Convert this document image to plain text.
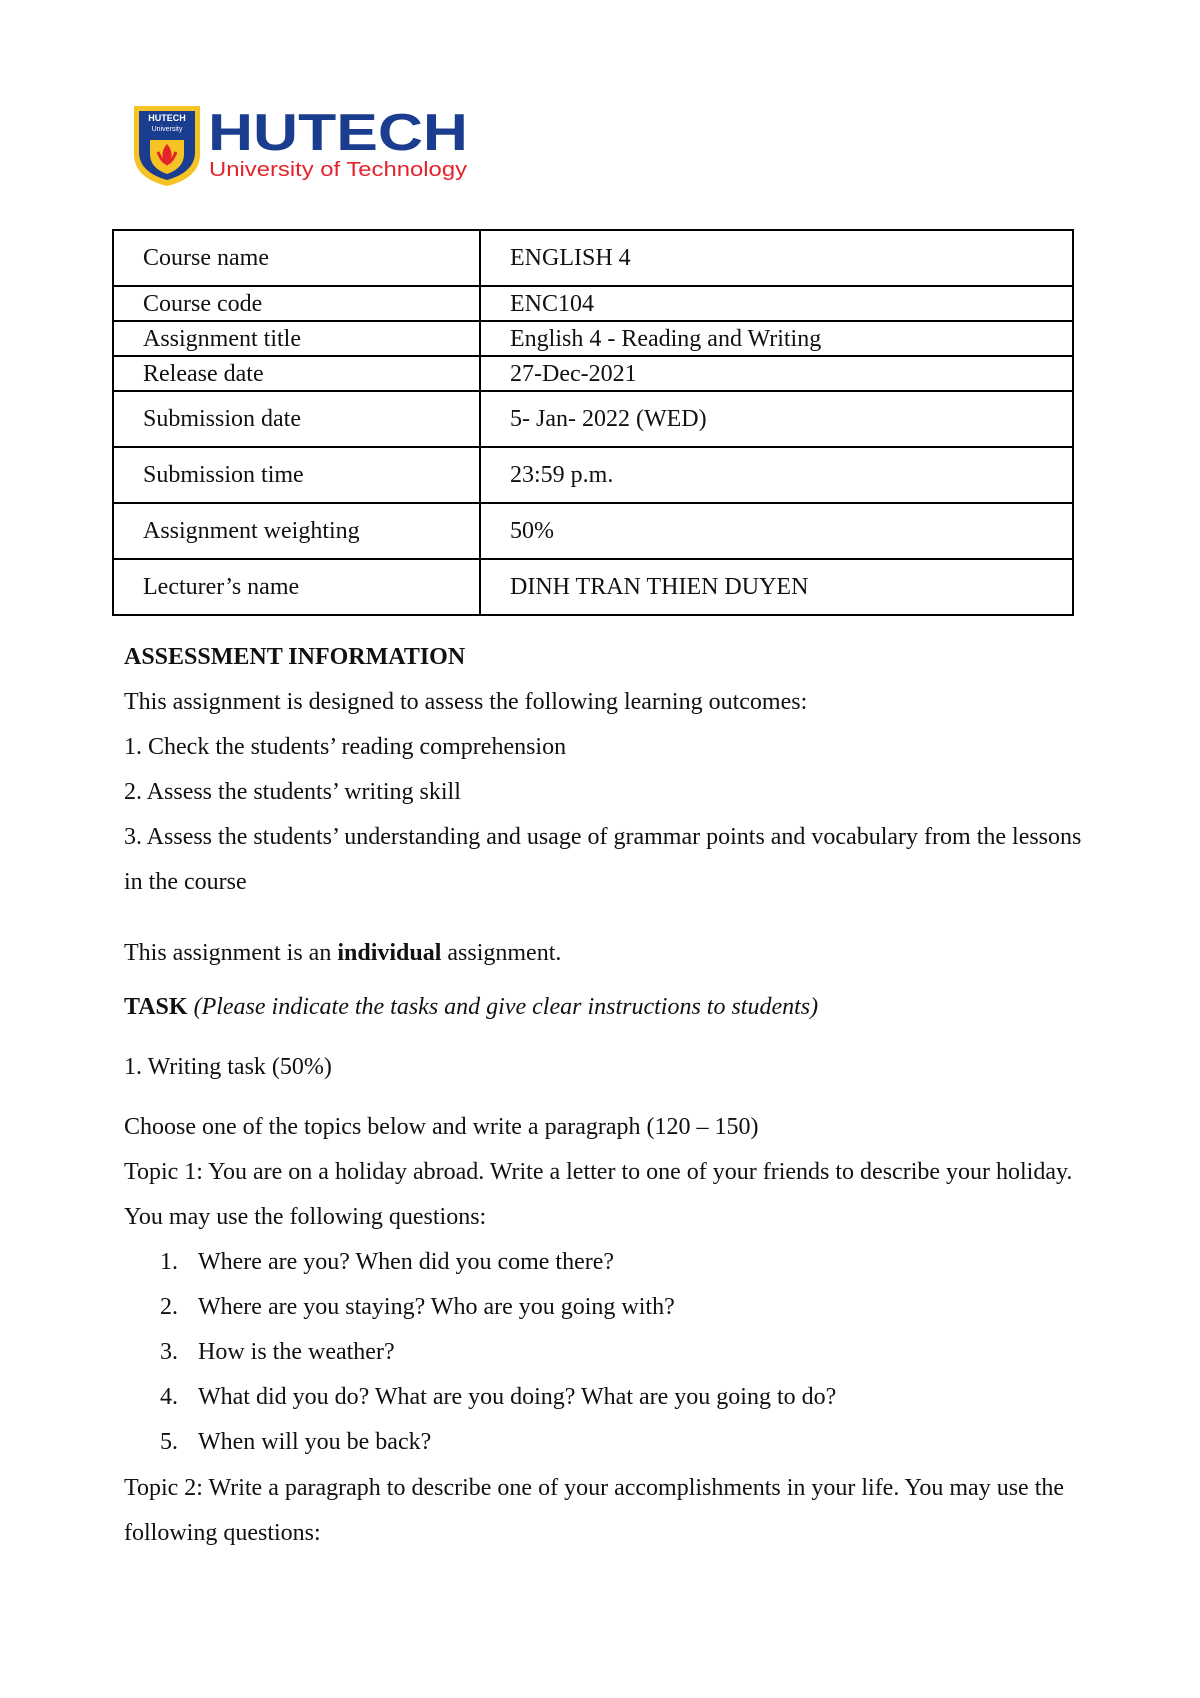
HUTECH
University HUTECH
University of Technology
Course name	ENGLISH 4
Course code	ENC104
Assignment title	English 4 - Reading and Writing
Release date	27-Dec-2021
Submission date	5- Jan- 2022 (WED)
Submission time	23:59 p.m.
Assignment weighting	50%
Lecturer’s name	DINH TRAN THIEN DUYEN

ASSESSMENT INFORMATION

This assignment is designed to assess the following learning outcomes:

1. Check the students’ reading comprehension

2. Assess the students’ writing skill

3. Assess the students’ understanding and usage of grammar points and vocabulary from the lessons in the course

This assignment is an individual assignment.

TASK (Please indicate the tasks and give clear instructions to students)

1. Writing task (50%)

Choose one of the topics below and write a paragraph (120 – 150)

Topic 1: You are on a holiday abroad. Write a letter to one of your friends to describe your holiday. You may use the following questions:

1. Where are you? When did you come there?

2. Where are you staying? Who are you going with?

3. How is the weather?

4. What did you do? What are you doing? What are you going to do?

5. When will you be back?

Topic 2: Write a paragraph to describe one of your accomplishments in your life. You may use the following questions:
